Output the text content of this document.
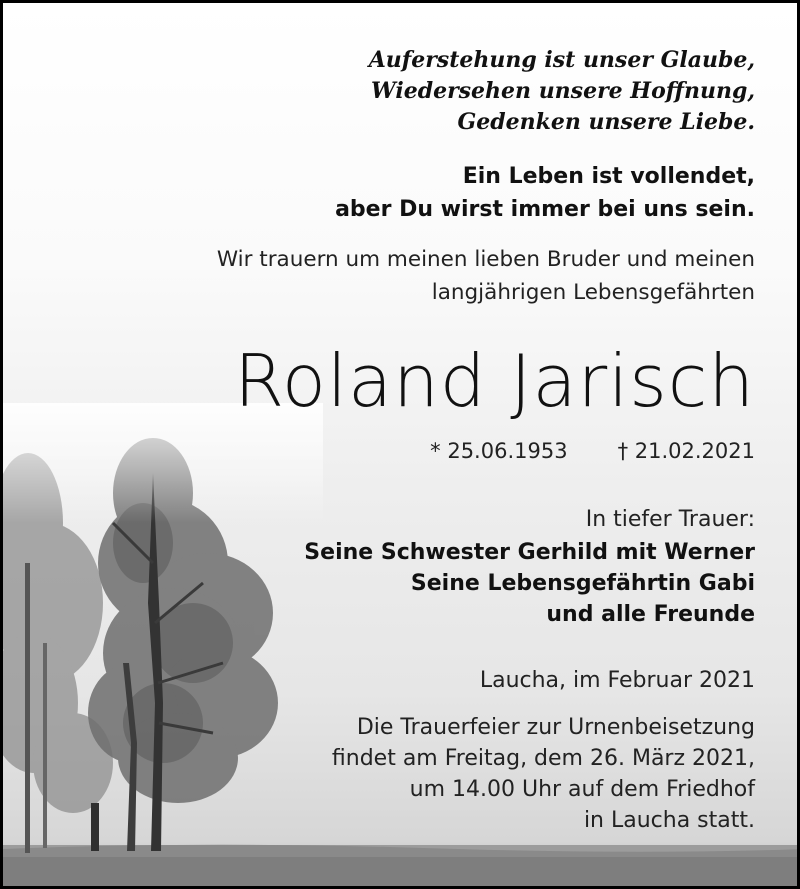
Auferstehung ist unser Glaube,
Wiedersehen unsere Hoffnung,
Gedenken unsere Liebe.
Ein Leben ist vollendet,
aber Du wirst immer bei uns sein.
Wir trauern um meinen lieben Bruder und meinen
langjährigen Lebensgefährten
Roland Jarisch
* 25.06.1953 † 21.02.2021
In tiefer Trauer:
Seine Schwester Gerhild mit Werner
Seine Lebensgefährtin Gabi
und alle Freunde
Laucha, im Februar 2021
Die Trauerfeier zur Urnenbeisetzung
findet am Freitag, dem 26. März 2021,
um 14.00 Uhr auf dem Friedhof
in Laucha statt.
